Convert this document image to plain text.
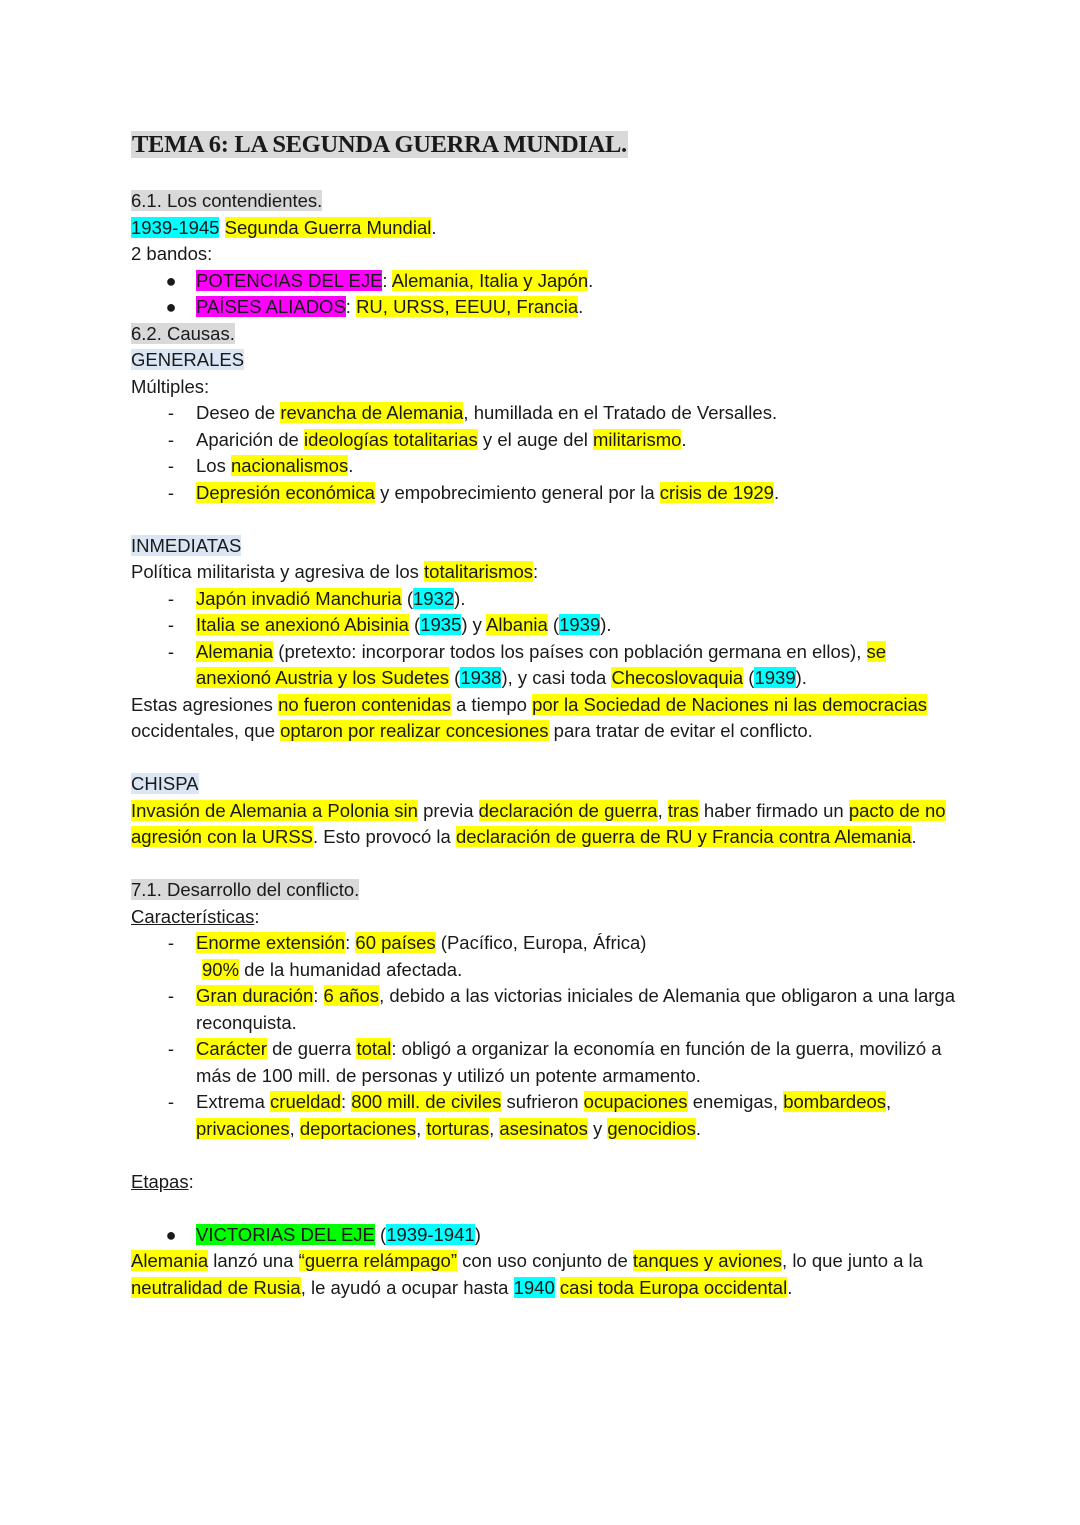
TEMA 6: LA SEGUNDA GUERRA MUNDIAL.

6.1. Los contendientes.

1939-1945 Segunda Guerra Mundial.

2 bandos:

● POTENCIAS DEL EJE: Alemania, Italia y Japón.

● PAÍSES ALIADOS: RU, URSS, EEUU, Francia.

6.2. Causas.

GENERALES

Múltiples:

-	Deseo de revancha de Alemania, humillada en el Tratado de Versalles.

-	Aparición de ideologías totalitarias y el auge del militarismo.

-	Los nacionalismos.

-	Depresión económica y empobrecimiento general por la crisis de 1929.

INMEDIATAS

Política militarista y agresiva de los totalitarismos:

-	Japón invadió Manchuria (1932).

-	Italia se anexionó Abisinia (1935) y Albania (1939).

-	Alemania (pretexto: incorporar todos los países con población germana en ellos), se anexionó Austria y los Sudetes (1938), y casi toda Checoslovaquia (1939).

Estas agresiones no fueron contenidas a tiempo por la Sociedad de Naciones ni las democracias occidentales, que optaron por realizar concesiones para tratar de evitar el conflicto.

CHISPA

Invasión de Alemania a Polonia sin previa declaración de guerra, tras haber firmado un pacto de no agresión con la URSS. Esto provocó la declaración de guerra de RU y Francia contra Alemania.

7.1. Desarrollo del conflicto.

Características:

-	Enorme extensión: 60 países (Pacífico, Europa, África)
90% de la humanidad afectada.

-	Gran duración: 6 años, debido a las victorias iniciales de Alemania que obligaron a una larga reconquista.

-	Carácter de guerra total: obligó a organizar la economía en función de la guerra, movilizó a más de 100 mill. de personas y utilizó un potente armamento.

-	Extrema crueldad: 800 mill. de civiles sufrieron ocupaciones enemigas, bombardeos, privaciones, deportaciones, torturas, asesinatos y genocidios.

Etapas:

● VICTORIAS DEL EJE (1939-1941)

Alemania lanzó una “guerra relámpago” con uso conjunto de tanques y aviones, lo que junto a la neutralidad de Rusia, le ayudó a ocupar hasta 1940 casi toda Europa occidental.
